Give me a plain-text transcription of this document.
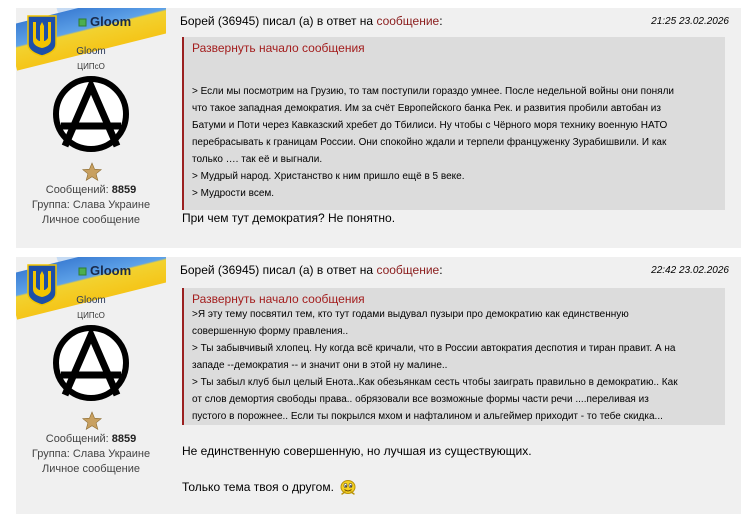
Gloom
Gloom
ЦИПсО
Сообщений: 8859
Группа: Слава Украине
Личное сообщение
Борей (36945) писал (а) в ответ на сообщение:	21:25 23.02.2026
Развернуть начало сообщения
> Если мы посмотрим на Грузию, то там поступили гораздо умнее. После недельной войны они поняли
что такое западная демократия. Им за счёт Европейского банка Рек. и развития пробили автобан из
Батуми и Поти через Кавказский хребет до Тбилиси. Ну чтобы с Чёрного моря технику военную НАТО
перебрасывать к границам России. Они спокойно ждали и терпели француженку Зурабишвили. И как
только …. так её и выгнали.
> Мудрый народ. Христанство к ним пришло ещё в 5 веке.
> Мудрости всем.
При чем тут демократия? Не понятно.
Gloom
Gloom
ЦИПсО
Сообщений: 8859
Группа: Слава Украине
Личное сообщение
Борей (36945) писал (а) в ответ на сообщение:	22:42 23.02.2026
Развернуть начало сообщения
>Я эту тему посвятил тем, кто тут годами выдувал пузыри про демократию как единственную
совершенную форму правления..
> Ты забывчивый хлопец. Ну когда всё кричали, что в России автократия деспотия и тиран правит. А на
западе --демократия -- и значит они в этой ну малине..
> Ты забыл клуб был целый Енота..Как обезьянкам сесть чтобы заиграть правильно в демократию.. Как
от слов демортия свободы права.. обрязовали все возможные формы части речи ....переливая из
пустого в порожнее.. Если ты покрылся мхом и нафталином и альгеймер приходит - то тебе скидка...
Не единственную совершенную, но лучшая из существующих.
Только тема твоя о другом.
